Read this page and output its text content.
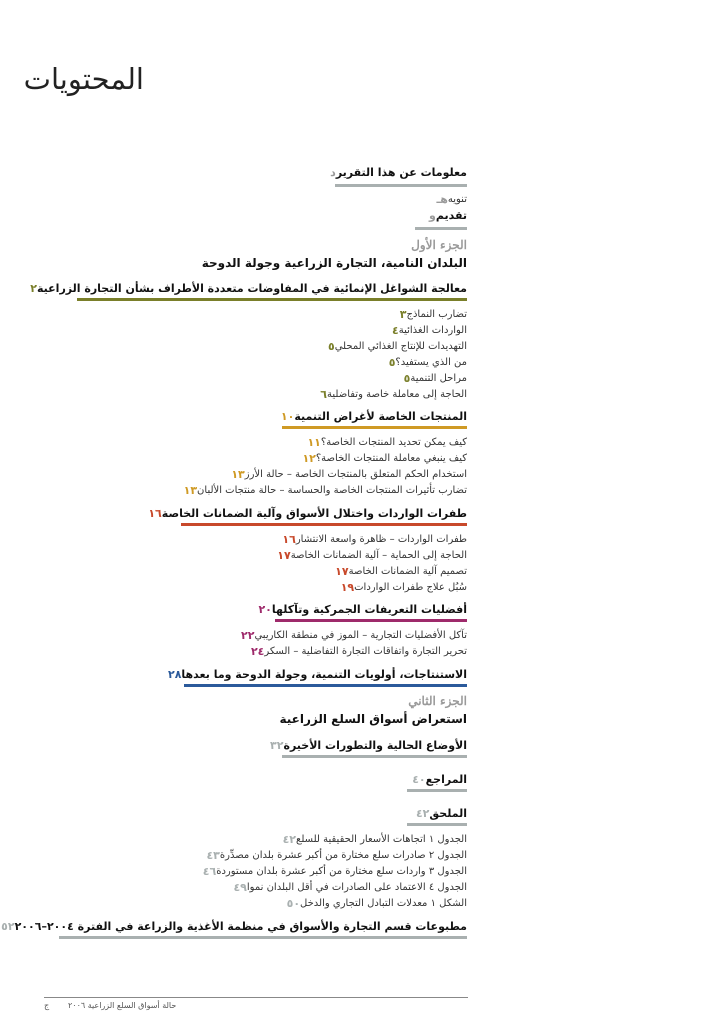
المحتويات
د معلومات عن هذا التقرير
هـ تنويه
و تقديم
الجزء الأول
البلدان النامية، التجارة الزراعية وجولة الدوحة
٢ معالجة الشواغل الإنمائية في المفاوضات متعددة الأطراف بشأن التجارة الزراعية
٣ تضارب النماذج
٤ الواردات الغذائية
٥ التهديدات للإنتاج الغذائي المحلي
٥ من الذي يستفيد؟
٥ مراحل التنمية
٦ الحاجة إلى معاملة خاصة وتفاضلية
١٠ المنتجات الخاصة لأغراض التنمية
١١ كيف يمكن تحديد المنتجات الخاصة؟
١٢ كيف ينبغي معاملة المنتجات الخاصة؟
١٣ استخدام الحكم المتعلق بالمنتجات الخاصة – حالة الأرز
١٣ تضارب تأثيرات المنتجات الخاصة والحساسة – حالة منتجات الألبان
١٦ طفرات الواردات واختلال الأسواق وآلية الضمانات الخاصة
١٦ طفرات الواردات – ظاهرة واسعة الانتشار
١٧ الحاجة إلى الحماية – آلية الضمانات الخاصة
١٧ تصميم آلية الضمانات الخاصة
١٩ سُبُل علاج طفرات الواردات
٢٠ أفضليات التعريفات الجمركية وتآكلها
٢٢ تآكل الأفضليات التجارية – الموز في منطقة الكاريبي
٢٤ تحرير التجارة واتفاقات التجارة التفاضلية – السكر
٢٨ الاستنتاجات، أولويات التنمية، وجولة الدوحة وما بعدها
الجزء الثاني
استعراض أسواق السلع الزراعية
٣٢ الأوضاع الحالية والتطورات الأخيرة
٤٠ المراجع
٤٢ الملحق
٤٢ الجدول ١ اتجاهات الأسعار الحقيقية للسلع
٤٣ الجدول ٢ صادرات سلع مختارة من أكبر عشرة بلدان مصدِّرة
٤٦ الجدول ٣ واردات سلع مختارة من أكبر عشرة بلدان مستوردة
٤٩ الجدول ٤ الاعتماد على الصادرات في أقل البلدان نموا
٥٠ الشكل ١ معدلات التبادل التجاري والدخل
٥٢ مطبوعات قسم التجارة والأسواق في منظمة الأغذية والزراعة في الفترة ٢٠٠٤–٢٠٠٦
حالة أسواق السلع الزراعية ٢٠٠٦
ج
